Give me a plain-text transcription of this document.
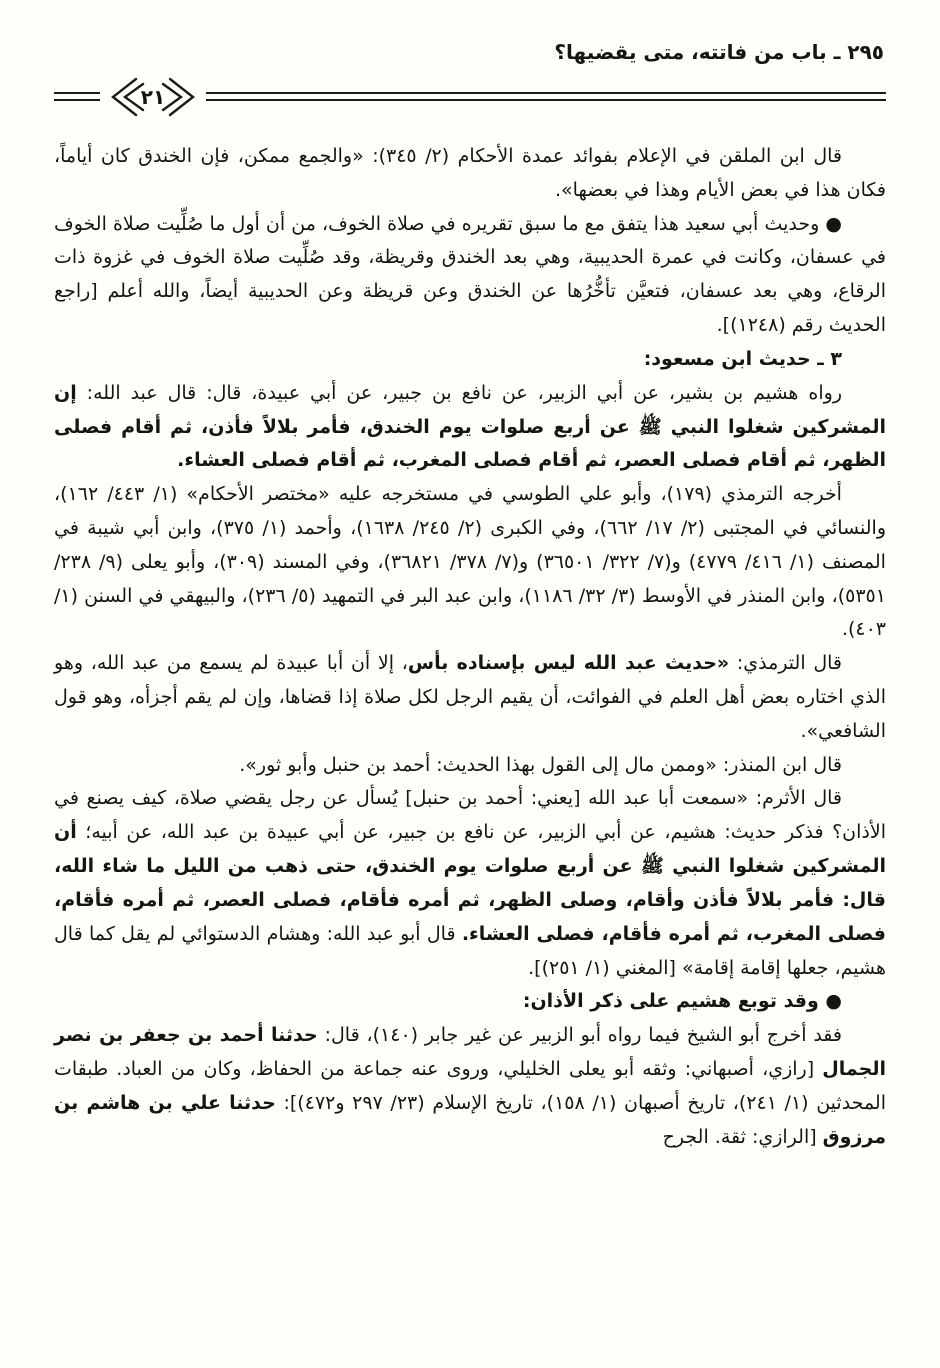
٢٩٥ ـ باب من فاتته، متى يقضيها؟
٢١

قال ابن الملقن في الإعلام بفوائد عمدة الأحكام (٢/ ٣٤٥): «والجمع ممكن، فإن الخندق كان أياماً، فكان هذا في بعض الأيام وهذا في بعضها».

● وحديث أبي سعيد هذا يتفق مع ما سبق تقريره في صلاة الخوف، من أن أول ما صُلِّيت صلاة الخوف في عسفان، وكانت في عمرة الحديبية، وهي بعد الخندق وقريظة، وقد صُلِّيت صلاة الخوف في غزوة ذات الرقاع، وهي بعد عسفان، فتعيَّن تأخُّرُها عن الخندق وعن قريظة وعن الحديبية أيضاً، والله أعلم [راجع الحديث رقم (١٢٤٨)].

٣ ـ حديث ابن مسعود:

رواه هشيم بن بشير، عن أبي الزبير، عن نافع بن جبير، عن أبي عبيدة، قال: قال عبد الله: إن المشركين شغلوا النبي ﷺ عن أربع صلوات يوم الخندق، فأمر بلالاً فأذن، ثم أقام فصلى الظهر، ثم أقام فصلى العصر، ثم أقام فصلى المغرب، ثم أقام فصلى العشاء.

أخرجه الترمذي (١٧٩)، وأبو علي الطوسي في مستخرجه عليه «مختصر الأحكام» (١/ ٤٤٣/ ١٦٢)، والنسائي في المجتبى (٢/ ١٧/ ٦٦٢)، وفي الكبرى (٢/ ٢٤٥/ ١٦٣٨)، وأحمد (١/ ٣٧٥)، وابن أبي شيبة في المصنف (١/ ٤١٦/ ٤٧٧٩) و(٧/ ٣٢٢/ ٣٦٥٠١) و(٧/ ٣٧٨/ ٣٦٨٢١)، وفي المسند (٣٠٩)، وأبو يعلى (٩/ ٢٣٨/ ٥٣٥١)، وابن المنذر في الأوسط (٣/ ٣٢/ ١١٨٦)، وابن عبد البر في التمهيد (٥/ ٢٣٦)، والبيهقي في السنن (١/ ٤٠٣).

قال الترمذي: «حديث عبد الله ليس بإسناده بأس، إلا أن أبا عبيدة لم يسمع من عبد الله، وهو الذي اختاره بعض أهل العلم في الفوائت، أن يقيم الرجل لكل صلاة إذا قضاها، وإن لم يقم أجزأه، وهو قول الشافعي».

قال ابن المنذر: «وممن مال إلى القول بهذا الحديث: أحمد بن حنبل وأبو ثور».

قال الأثرم: «سمعت أبا عبد الله [يعني: أحمد بن حنبل] يُسأل عن رجل يقضي صلاة، كيف يصنع في الأذان؟ فذكر حديث: هشيم، عن أبي الزبير، عن نافع بن جبير، عن أبي عبيدة بن عبد الله، عن أبيه؛ أن المشركين شغلوا النبي ﷺ عن أربع صلوات يوم الخندق، حتى ذهب من الليل ما شاء الله، قال: فأمر بلالاً فأذن وأقام، وصلى الظهر، ثم أمره فأقام، فصلى العصر، ثم أمره فأقام، فصلى المغرب، ثم أمره فأقام، فصلى العشاء. قال أبو عبد الله: وهشام الدستوائي لم يقل كما قال هشيم، جعلها إقامة إقامة» [المغني (١/ ٢٥١)].

● وقد توبع هشيم على ذكر الأذان:

فقد أخرج أبو الشيخ فيما رواه أبو الزبير عن غير جابر (١٤٠)، قال: حدثنا أحمد بن جعفر بن نصر الجمال [رازي، أصبهاني: وثقه أبو يعلى الخليلي، وروى عنه جماعة من الحفاظ، وكان من العباد. طبقات المحدثين (١/ ٢٤١)، تاريخ أصبهان (١/ ١٥٨)، تاريخ الإسلام (٢٣/ ٢٩٧ و٤٧٢)]: حدثنا علي بن هاشم بن مرزوق [الرازي: ثقة. الجرح
